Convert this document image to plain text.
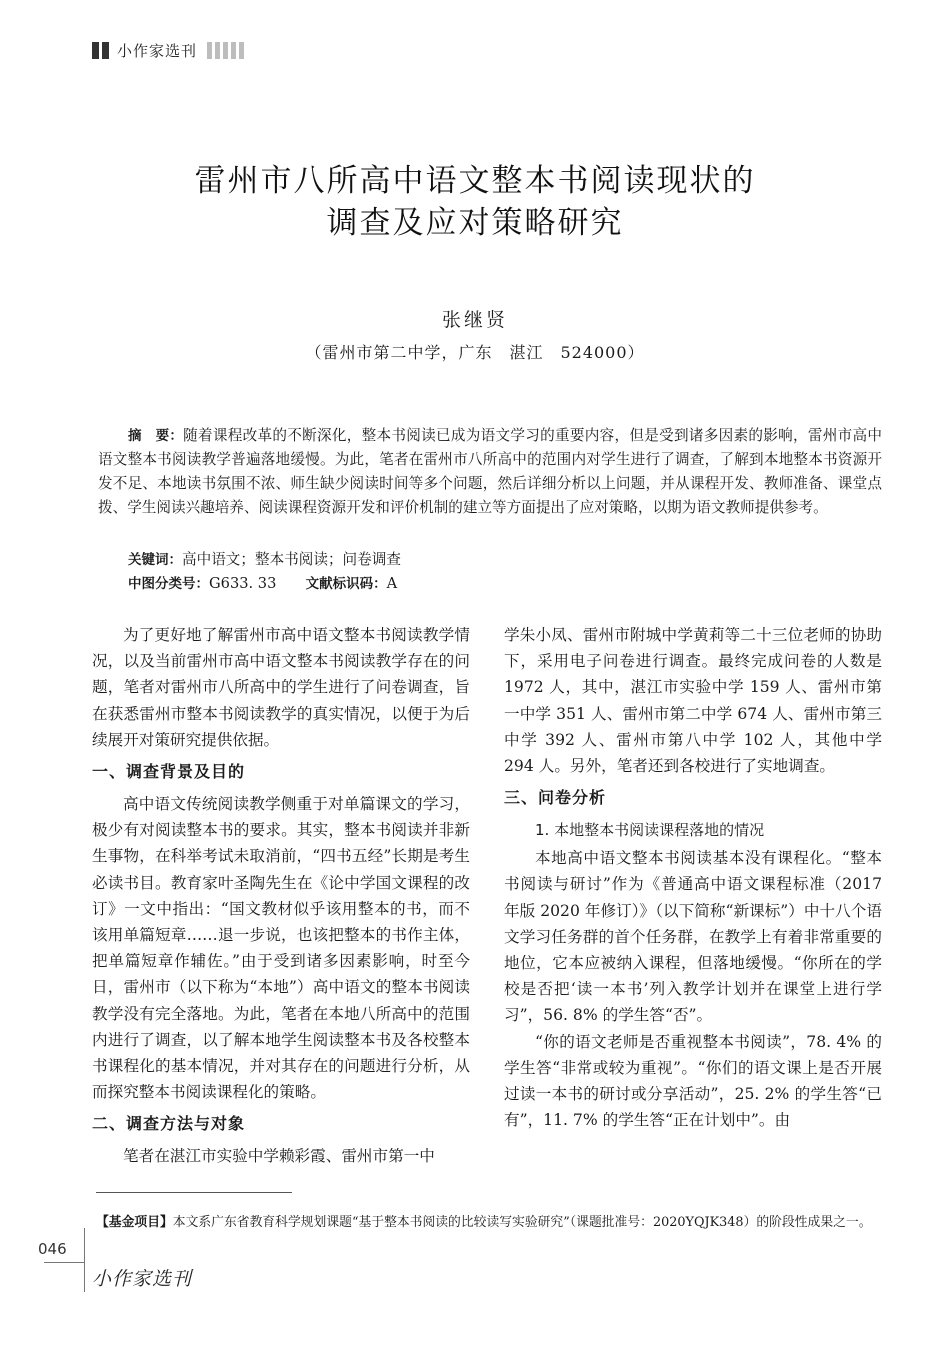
小作家选刊
雷州市八所高中语文整本书阅读现状的
调查及应对策略研究
张继贤
（雷州市第二中学，广东　湛江　524000）

摘　要：随着课程改革的不断深化，整本书阅读已成为语文学习的重要内容，但是受到诸多因素的影响，雷州市高中语文整本书阅读教学普遍落地缓慢。为此，笔者在雷州市八所高中的范围内对学生进行了调查，了解到本地整本书资源开发不足、本地读书氛围不浓、师生缺少阅读时间等多个问题，然后详细分析以上问题，并从课程开发、教师准备、课堂点拨、学生阅读兴趣培养、阅读课程资源开发和评价机制的建立等方面提出了应对策略，以期为语文教师提供参考。

关键词：高中语文；整本书阅读；问卷调查

中图分类号：G633. 33　　 文献标识码：A

为了更好地了解雷州市高中语文整本书阅读教学情况，以及当前雷州市高中语文整本书阅读教学存在的问题，笔者对雷州市八所高中的学生进行了问卷调查，旨在获悉雷州市整本书阅读教学的真实情况，以便于为后续展开对策研究提供依据。

一、调查背景及目的

高中语文传统阅读教学侧重于对单篇课文的学习，极少有对阅读整本书的要求。其实，整本书阅读并非新生事物，在科举考试未取消前，“四书五经”长期是考生必读书目。教育家叶圣陶先生在《论中学国文课程的改订》一文中指出：“国文教材似乎该用整本的书，而不该用单篇短章……退一步说，也该把整本的书作主体，把单篇短章作辅佐。”由于受到诸多因素影响，时至今日，雷州市（以下称为“本地”）高中语文的整本书阅读教学没有完全落地。为此，笔者在本地八所高中的范围内进行了调查，以了解本地学生阅读整本书及各校整本书课程化的基本情况，并对其存在的问题进行分析，从而探究整本书阅读课程化的策略。

二、调查方法与对象

笔者在湛江市实验中学赖彩霞、雷州市第一中

学朱小凤、雷州市附城中学黄莉等二十三位老师的协助下，采用电子问卷进行调查。最终完成问卷的人数是 1972 人，其中，湛江市实验中学 159 人、雷州市第一中学 351 人、雷州市第二中学 674 人、雷州市第三中学 392 人、雷州市第八中学 102 人，其他中学 294 人。另外，笔者还到各校进行了实地调查。

三、问卷分析
1. 本地整本书阅读课程落地的情况

本地高中语文整本书阅读基本没有课程化。“整本书阅读与研讨”作为《普通高中语文课程标准（2017 年版 2020 年修订）》（以下简称“新课标”）中十八个语文学习任务群的首个任务群，在教学上有着非常重要的地位，它本应被纳入课程，但落地缓慢。“你所在的学校是否把‘读一本书’列入教学计划并在课堂上进行学习”，56. 8% 的学生答“否”。

“你的语文老师是否重视整本书阅读”，78. 4% 的学生答“非常或较为重视”。“你们的语文课上是否开展过读一本书的研讨或分享活动”，25. 2% 的学生答“已有”，11. 7% 的学生答“正在计划中”。由

【基金项目】本文系广东省教育科学规划课题“基于整本书阅读的比较读写实验研究”（课题批准号：2020YQJK348）的阶段性成果之一。

046
小作家选刊
